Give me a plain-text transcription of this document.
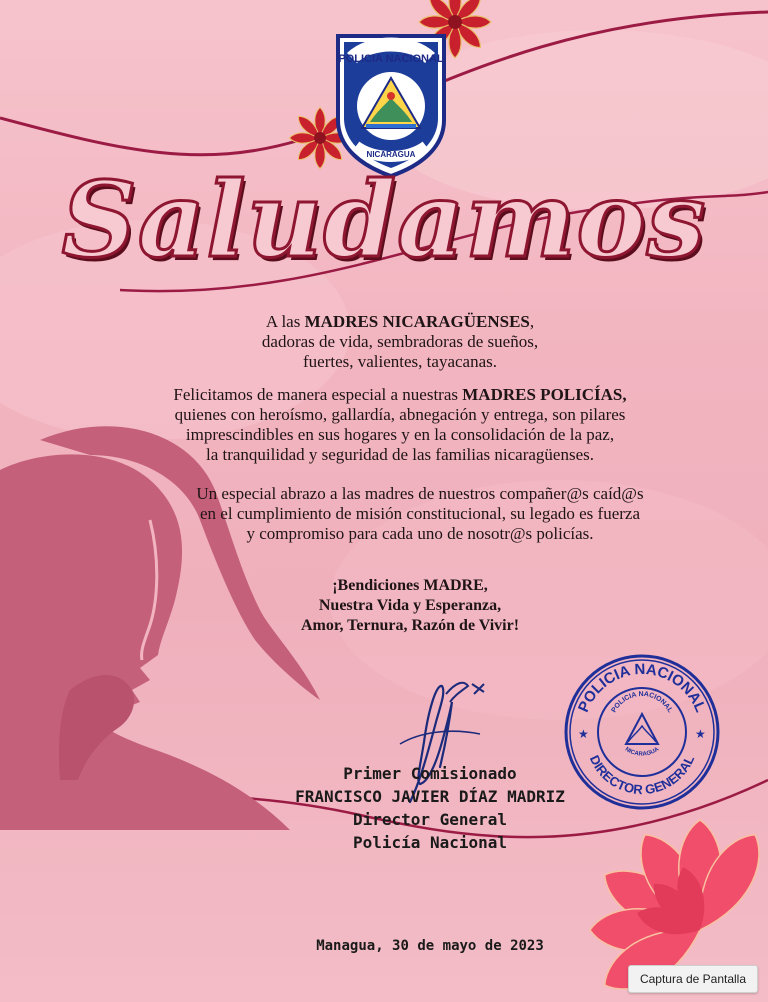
POLICIA NACIONAL
NICARAGUA
Saludamos

A las MADRES NICARAGÜENSES,

dadoras de vida, sembradoras de sueños,

fuertes, valientes, tayacanas.

Felicitamos de manera especial a nuestras MADRES POLICÍAS,

quienes con heroísmo, gallardía, abnegación y entrega, son pilares

imprescindibles en sus hogares y en la consolidación de la paz,

la tranquilidad y seguridad de las familias nicaragüenses.

Un especial abrazo a las madres de nuestros compañer@s caíd@s

en el cumplimiento de misión constitucional, su legado es fuerza

y compromiso para cada uno de nosotr@s policías.

¡Bendiciones MADRE,

Nuestra Vida y Esperanza,

Amor, Ternura, Razón de Vivir!

POLICIA NACIONAL
DIRECTOR GENERAL
POLICIA NACIONAL
NICARAGUA
★	★
Primer Comisionado
FRANCISCO JAVIER DÍAZ MADRIZ
Director General
Policía Nacional
Managua, 30 de mayo de 2023
Captura de Pantalla
